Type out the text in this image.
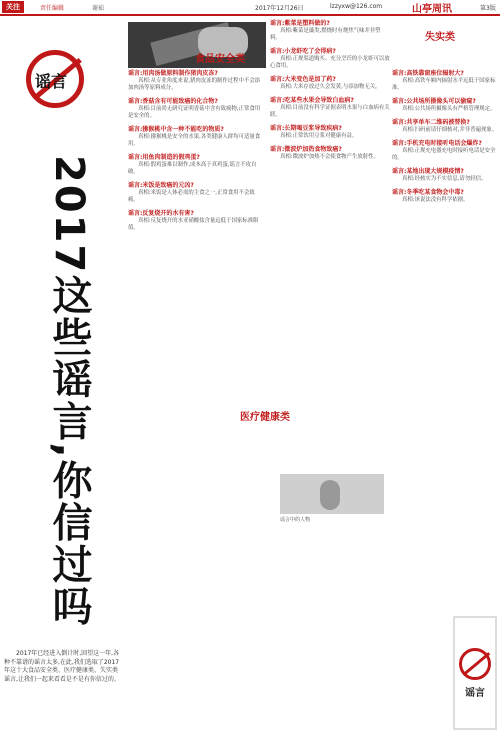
关注	责任编辑	谢茹	2017年12月26日	lzzyxw@126.com	山亭周讯	第3版
谣言
2017这些谣言,你信过吗
2017年已经进入倒计时,回望这一年,各种不靠谱的谣言太多,在此,我们选取了2017年这十大食品安全类、医疗健康类、失实类谣言,让我们一起来看看是不是有你信过的。
食品安全类
医疗健康类
失实类

谣言:用肉汤做原料制作猪肉皮冻?

真相:从专业角度来说,猪肉皮冻的制作过程中不会添加肉汤等原料成分。

谣言:香菇含有可能致癌的化合物?

真相:目前尚无研究证明香菇中含有致癌物,正常食用是安全的。

谣言:猕猴桃中含一种不能吃的物质?

真相:猕猴桃是安全的水果,各类健康人群均可适量食用。

谣言:用鱼肉制造的假鸡蛋?

真相:假鸡蛋难以制作,成本高于真鸡蛋,谣言不攻自破。

谣言:米饭是致癌的元凶?

真相:米饭是人体必需的主食之一,正常食用不会致癌。

谣言:反复烧开的水有害?

真相:反复烧开的水亚硝酸盐含量远低于国家标准限值。

谣言:紫菜是塑料做的?

真相:紫菜是藻类,燃烧时有烧焦气味并非塑料。

谣言:小龙虾吃了会得病?

真相:正规渠道购买、充分烹饪的小龙虾可以放心食用。

谣言:大米变色是加了药?

真相:大米存放过久会发黄,与添加物无关。

谣言:吃某些水果会导致白血病?

真相:目前没有科学证据表明水果与白血病有关联。

谣言:长期喝豆浆导致疾病?

真相:正常饮用豆浆对健康有益。

谣言:微波炉加热食物致癌?

真相:微波炉加热不会使食物产生放射性。

谣言:高铁靠窗座位辐射大?

真相:高铁车厢内辐射水平远低于国家标准。

谣言:公共场所摄像头可以偷窥?

真相:公共场所摄像头有严格管理规定。

谣言:共享单车二维码被替换?

真相:扫码前请仔细核对,并非普遍现象。

谣言:手机充电时接听电话会爆炸?

真相:正规充电器充电时接听电话是安全的。

谣言:某地出现大规模疫情?

真相:经核实为不实信息,请勿轻信。

谣言:冬季吃某食物会中毒?

真相:该说法没有科学依据。

谣言中的人物
谣言
